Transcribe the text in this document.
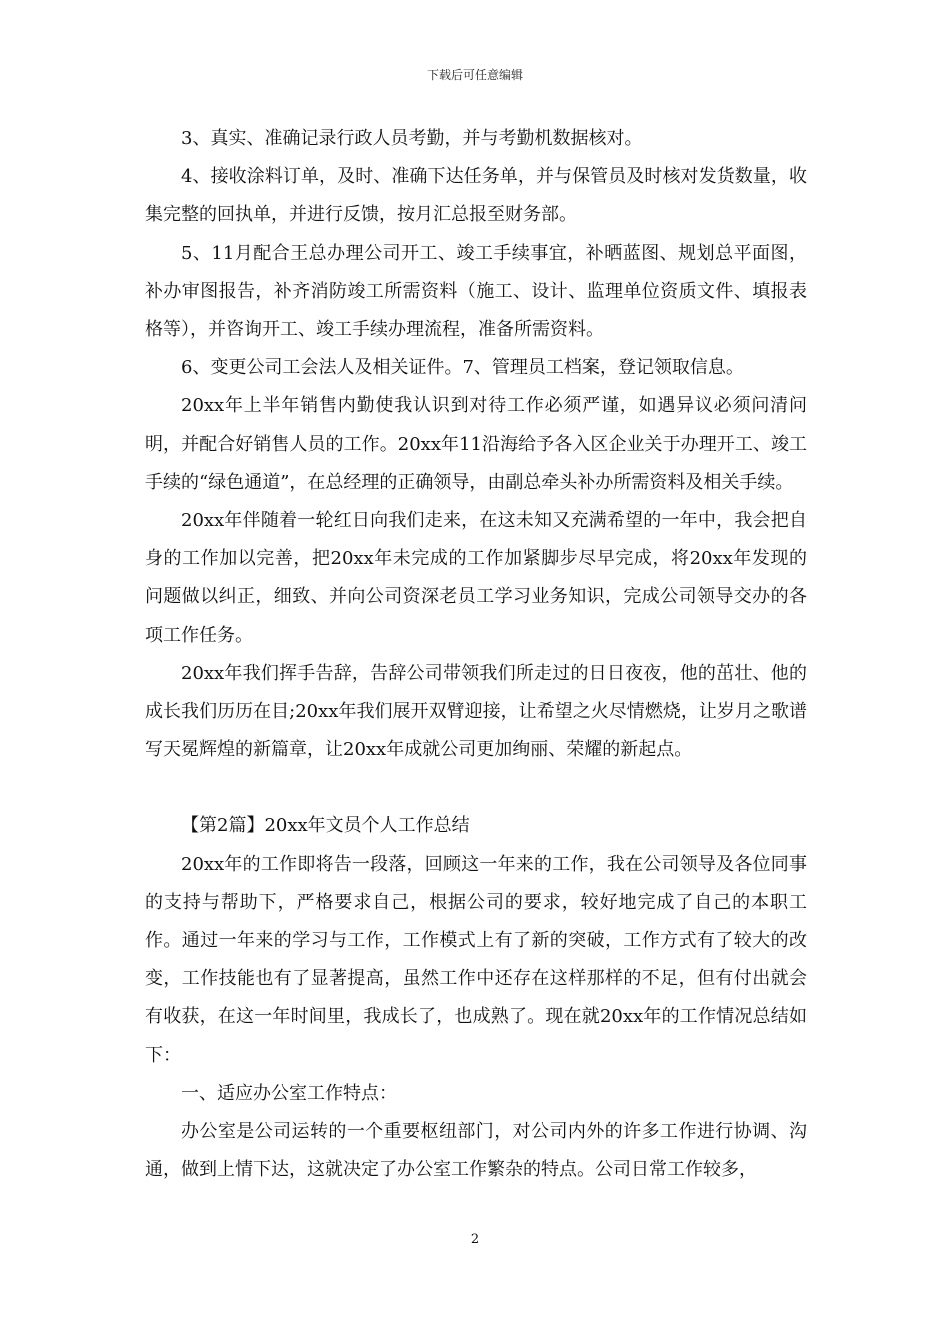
下载后可任意编辑

3、真实、准确记录行政人员考勤，并与考勤机数据核对。

4、接收涂料订单，及时、准确下达任务单，并与保管员及时核对发货数量，收集完整的回执单，并进行反馈，按月汇总报至财务部。

5、11月配合王总办理公司开工、竣工手续事宜，补晒蓝图、规划总平面图，补办审图报告，补齐消防竣工所需资料（施工、设计、监理单位资质文件、填报表格等），并咨询开工、竣工手续办理流程，准备所需资料。

6、变更公司工会法人及相关证件。7、管理员工档案，登记领取信息。

20xx年上半年销售内勤使我认识到对待工作必须严谨，如遇异议必须问清问明，并配合好销售人员的工作。20xx年11沿海给予各入区企业关于办理开工、竣工手续的“绿色通道”，在总经理的正确领导，由副总牵头补办所需资料及相关手续。

20xx年伴随着一轮红日向我们走来，在这未知又充满希望的一年中，我会把自身的工作加以完善，把20xx年未完成的工作加紧脚步尽早完成，将20xx年发现的问题做以纠正，细致、并向公司资深老员工学习业务知识，完成公司领导交办的各项工作任务。

20xx年我们挥手告辞，告辞公司带领我们所走过的日日夜夜，他的茁壮、他的成长我们历历在目;20xx年我们展开双臂迎接，让希望之火尽情燃烧，让岁月之歌谱写天冕辉煌的新篇章，让20xx年成就公司更加绚丽、荣耀的新起点。

【第2篇】20xx年文员个人工作总结

20xx年的工作即将告一段落，回顾这一年来的工作，我在公司领导及各位同事的支持与帮助下，严格要求自己，根据公司的要求，较好地完成了自己的本职工作。通过一年来的学习与工作，工作模式上有了新的突破，工作方式有了较大的改变，工作技能也有了显著提高，虽然工作中还存在这样那样的不足，但有付出就会有收获，在这一年时间里，我成长了，也成熟了。现在就20xx年的工作情况总结如下：

一、适应办公室工作特点：

办公室是公司运转的一个重要枢纽部门，对公司内外的许多工作进行协调、沟通，做到上情下达，这就决定了办公室工作繁杂的特点。公司日常工作较多，

2
